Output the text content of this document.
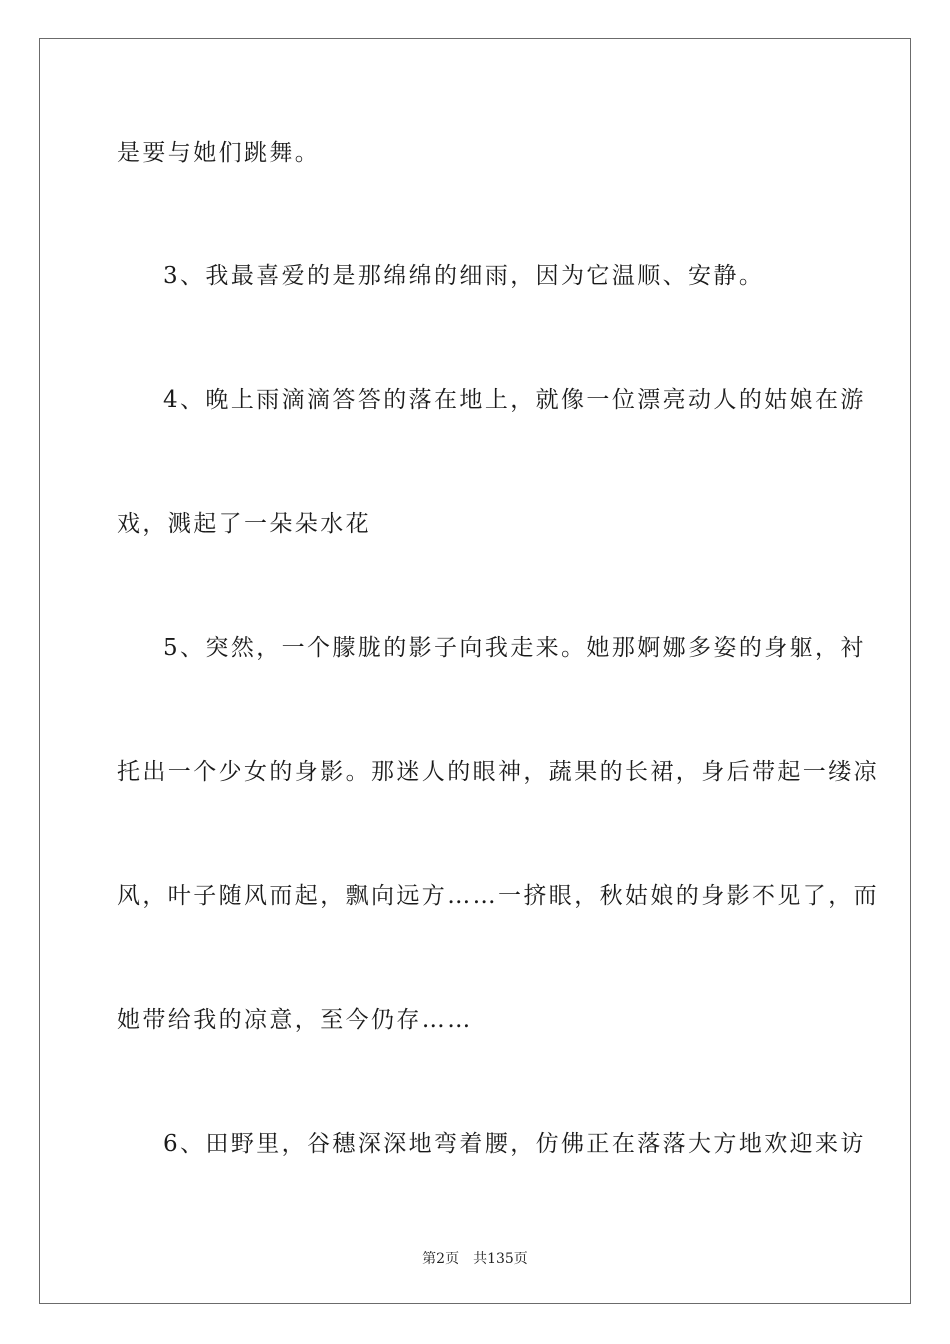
是要与她们跳舞。
3、我最喜爱的是那绵绵的细雨，因为它温顺、安静。
4、晚上雨滴滴答答的落在地上，就像一位漂亮动人的姑娘在游
戏，溅起了一朵朵水花
5、突然，一个朦胧的影子向我走来。她那婀娜多姿的身躯，衬
托出一个少女的身影。那迷人的眼神，蔬果的长裙，身后带起一缕凉
风，叶子随风而起，飘向远方……一挤眼，秋姑娘的身影不见了，而
她带给我的凉意，至今仍存……
6、田野里，谷穗深深地弯着腰，仿佛正在落落大方地欢迎来访
第2页　共135页
